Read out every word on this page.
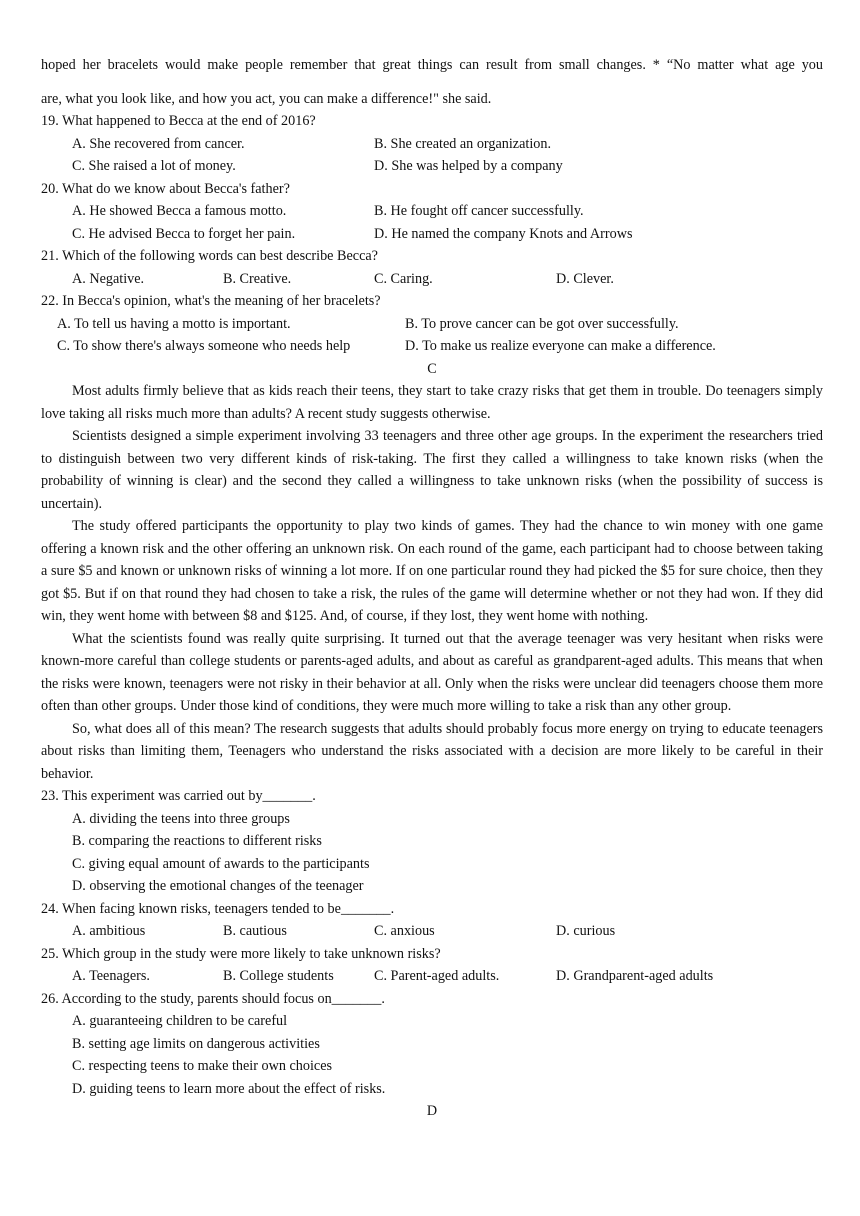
hoped her bracelets would make people remember that great things can result from small changes. * “No matter what age you
are, what you look like, and how you act, you can make a difference!" she said.
19. What happened to Becca at the end of 2016?
A. She recovered from cancer.	B. She created an organization.
C. She raised a lot of money.	D. She was helped by a company
20. What do we know about Becca's father?
A. He showed Becca a famous motto.	B. He fought off cancer successfully.
C. He advised Becca to forget her pain.	D. He named the company Knots and Arrows
21. Which of the following words can best describe Becca?
A. Negative.	B. Creative.	C. Caring.	D. Clever.
22. In Becca's opinion, what's the meaning of her bracelets?
A. To tell us having a motto is important.	B. To prove cancer can be got over successfully.
C. To show there's always someone who needs help	D. To make us realize everyone can make a difference.
C
Most adults firmly believe that as kids reach their teens, they start to take crazy risks that get them in trouble. Do teenagers simply love taking all risks much more than adults? A recent study suggests otherwise.
Scientists designed a simple experiment involving 33 teenagers and three other age groups. In the experiment the researchers tried to distinguish between two very different kinds of risk-taking. The first they called a willingness to take known risks (when the probability of winning is clear) and the second they called a willingness to take unknown risks (when the possibility of success is uncertain).
The study offered participants the opportunity to play two kinds of games. They had the chance to win money with one game offering a known risk and the other offering an unknown risk. On each round of the game, each participant had to choose between taking a sure $5 and known or unknown risks of winning a lot more. If on one particular round they had picked the $5 for sure choice, then they got $5. But if on that round they had chosen to take a risk, the rules of the game will determine whether or not they had won. If they did win, they went home with between $8 and $125. And, of course, if they lost, they went home with nothing.
What the scientists found was really quite surprising. It turned out that the average teenager was very hesitant when risks were known-more careful than college students or parents-aged adults, and about as careful as grandparent-aged adults. This means that when the risks were known, teenagers were not risky in their behavior at all. Only when the risks were unclear did teenagers choose them more often than other groups. Under those kind of conditions, they were much more willing to take a risk than any other group.
So, what does all of this mean? The research suggests that adults should probably focus more energy on trying to educate teenagers about risks than limiting them, Teenagers who understand the risks associated with a decision are more likely to be careful in their behavior.
23. This experiment was carried out by_______.
A. dividing the teens into three groups
B. comparing the reactions to different risks
C. giving equal amount of awards to the participants
D. observing the emotional changes of the teenager
24. When facing known risks, teenagers tended to be_______.
A. ambitious	B. cautious	C. anxious	D. curious
25. Which group in the study were more likely to take unknown risks?
A. Teenagers.	B. College students	C. Parent-aged adults.	D. Grandparent-aged adults
26. According to the study, parents should focus on_______.
A. guaranteeing children to be careful
B. setting age limits on dangerous activities
C. respecting teens to make their own choices
D. guiding teens to learn more about the effect of risks.
D
